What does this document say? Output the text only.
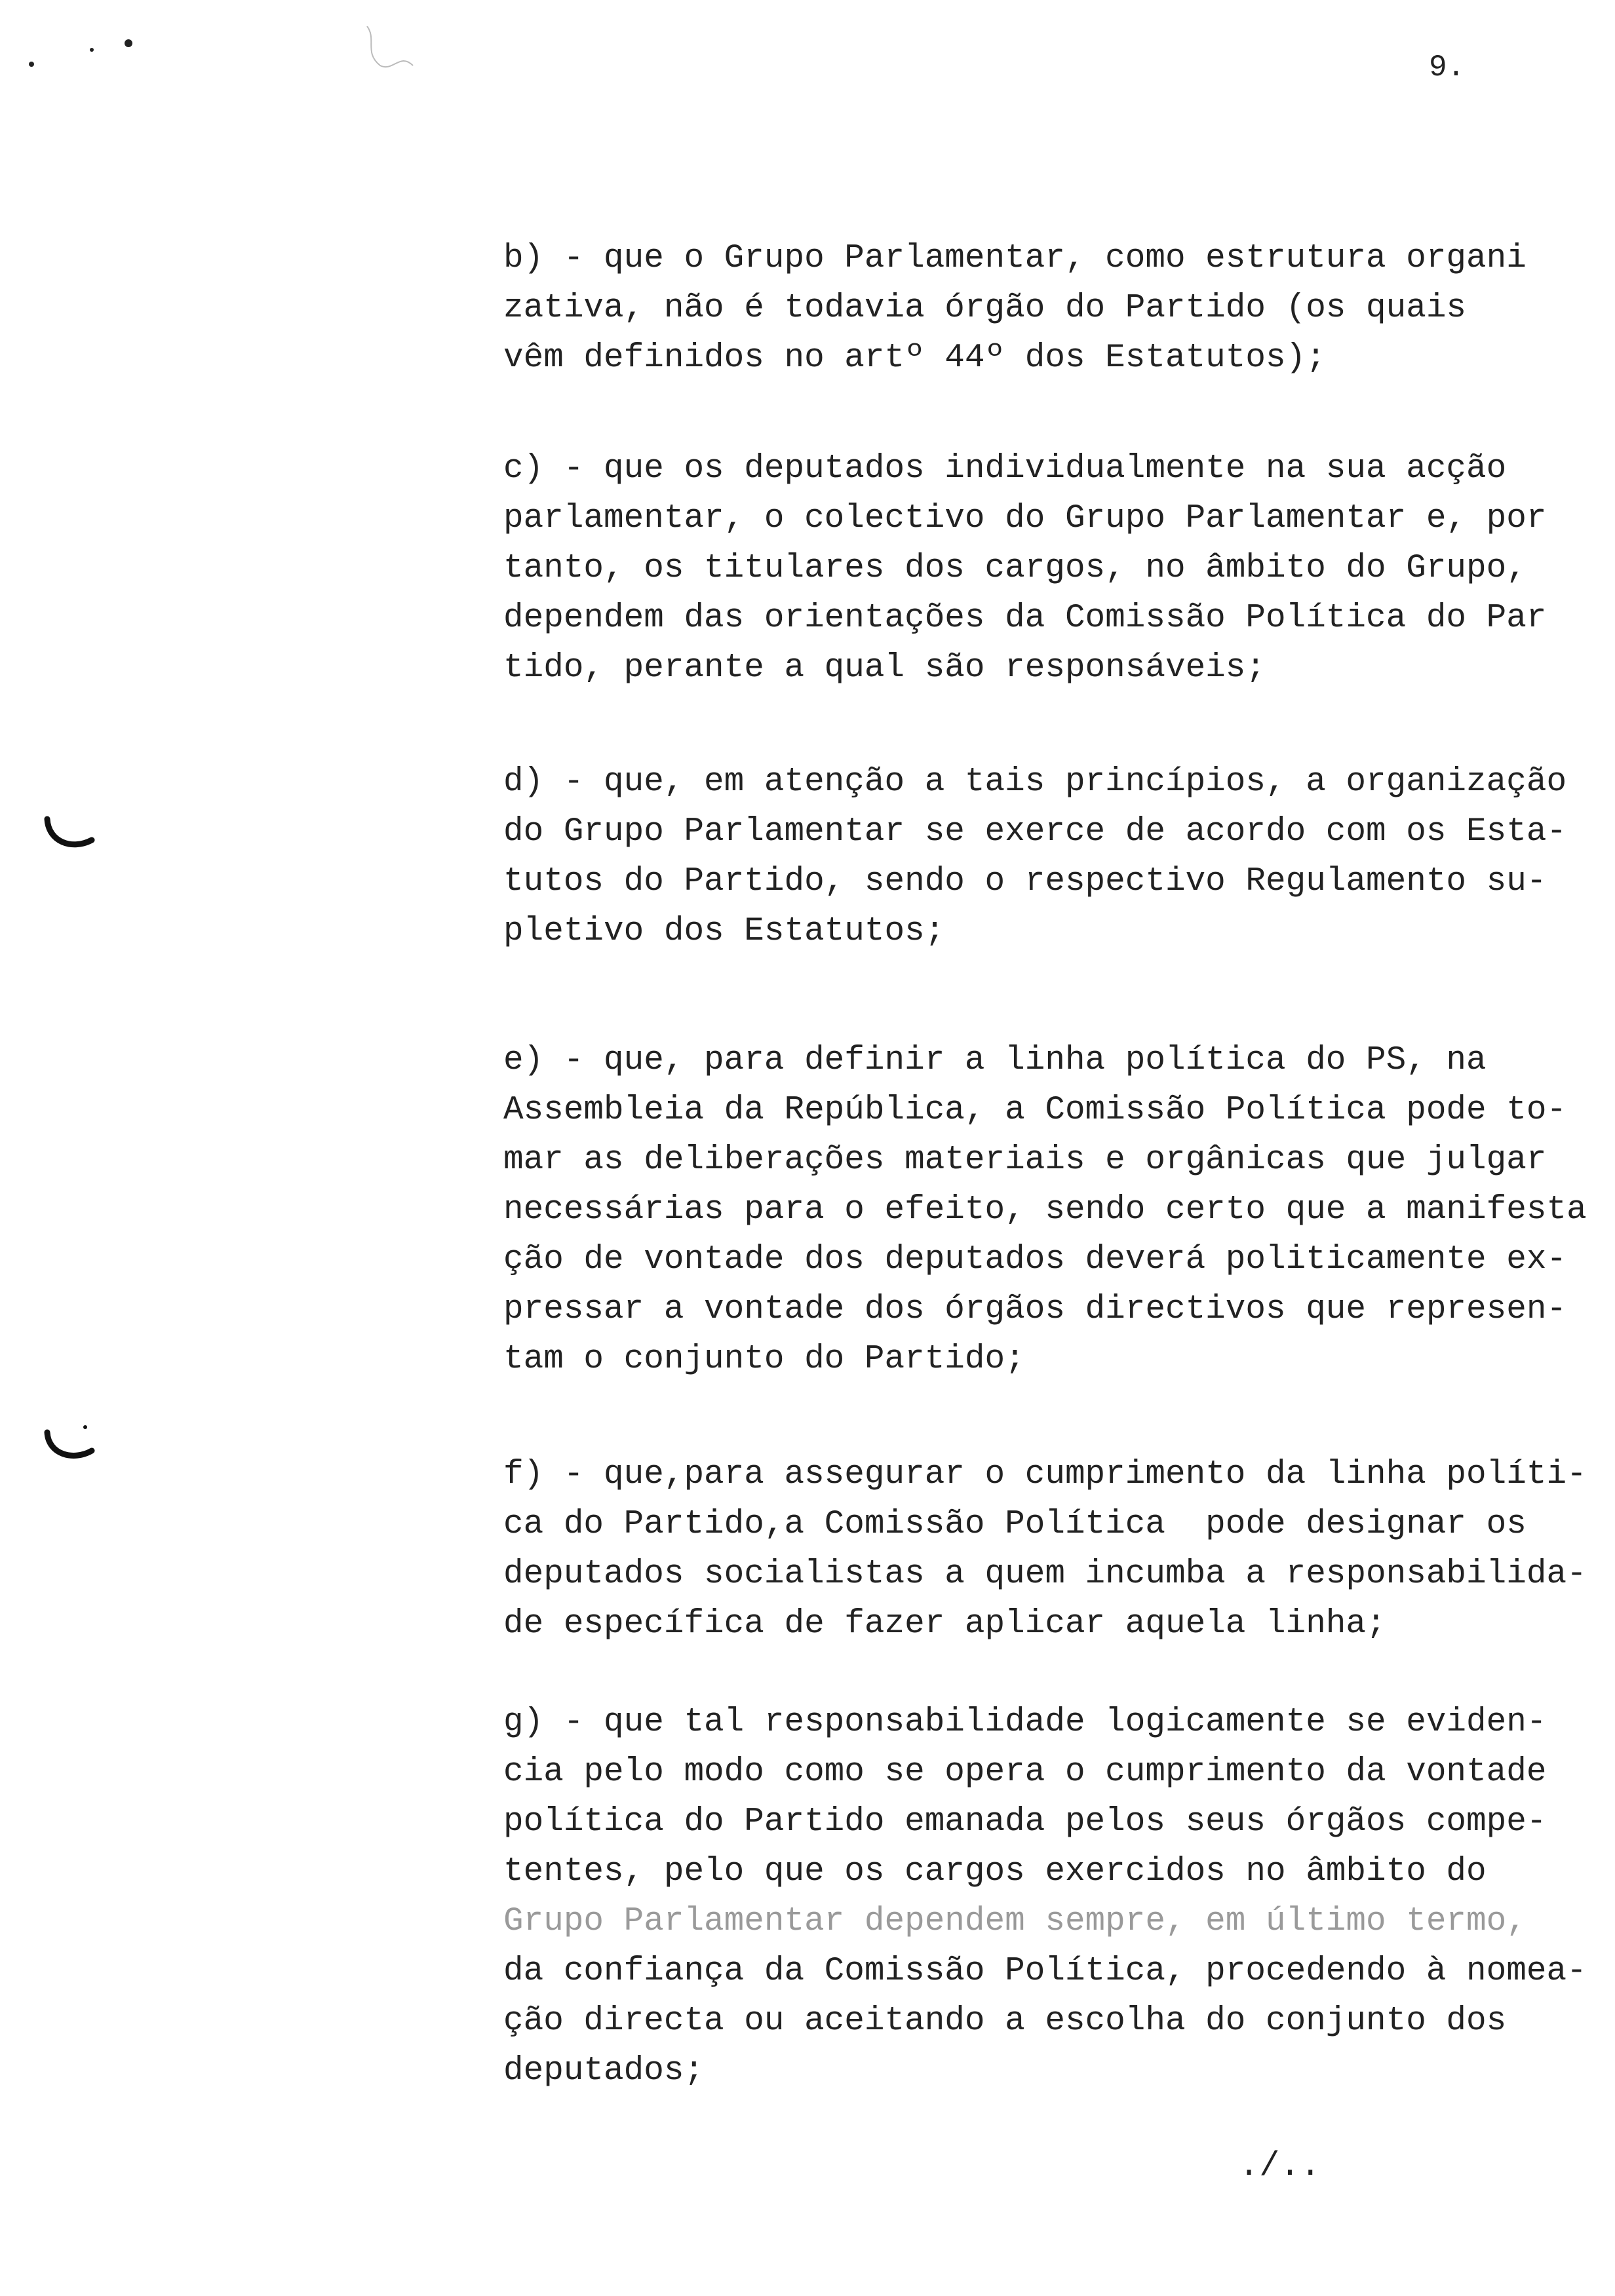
9.
b) - que o Grupo Parlamentar, como estrutura organi
zativa, não é todavia órgão do Partido (os quais
vêm definidos no artº 44º dos Estatutos);
c) - que os deputados individualmente na sua acção
parlamentar, o colectivo do Grupo Parlamentar e, por
tanto, os titulares dos cargos, no âmbito do Grupo,
dependem das orientações da Comissão Política do Par
tido, perante a qual são responsáveis;
d) - que, em atenção a tais princípios, a organização
do Grupo Parlamentar se exerce de acordo com os Esta-
tutos do Partido, sendo o respectivo Regulamento su-
pletivo dos Estatutos;
e) - que, para definir a linha política do PS, na
Assembleia da República, a Comissão Política pode to-
mar as deliberações materiais e orgânicas que julgar
necessárias para o efeito, sendo certo que a manifesta
ção de vontade dos deputados deverá politicamente ex-
pressar a vontade dos órgãos directivos que represen-
tam o conjunto do Partido;
f) - que,para assegurar o cumprimento da linha políti-
ca do Partido,a Comissão Política  pode designar os
deputados socialistas a quem incumba a responsabilida-
de específica de fazer aplicar aquela linha;
g) - que tal responsabilidade logicamente se eviden-
cia pelo modo como se opera o cumprimento da vontade
política do Partido emanada pelos seus órgãos compe-
tentes, pelo que os cargos exercidos no âmbito do
Grupo Parlamentar dependem sempre, em último termo,
da confiança da Comissão Política, procedendo à nomea-
ção directa ou aceitando a escolha do conjunto dos
deputados;
./..
